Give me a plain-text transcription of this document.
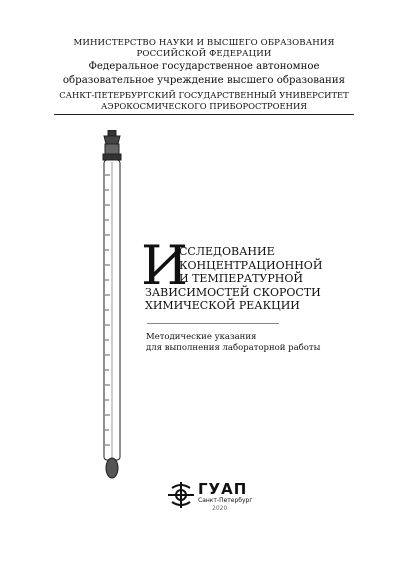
МИНИСТЕРСТВО НАУКИ И ВЫСШЕГО ОБРАЗОВАНИЯ
РОССИЙСКОЙ ФЕДЕРАЦИИ
Федеральное государственное автономное
образовательное учреждение высшего образования
САНКТ-ПЕТЕРБУРГСКИЙ ГОСУДАРСТВЕННЫЙ УНИВЕРСИТЕТ
АЭРОКОСМИЧЕСКОГО ПРИБОРОСТРОЕНИЯ
И
ССЛЕДОВАНИЕ
КОНЦЕНТРАЦИОННОЙ
И ТЕМПЕРАТУРНОЙ
ЗАВИСИМОСТЕЙ СКОРОСТИ
ХИМИЧЕСКОЙ РЕАКЦИИ
Методические указания
для выполнения лабораторной работы
ГУАП
Санкт-Петербург
2020
